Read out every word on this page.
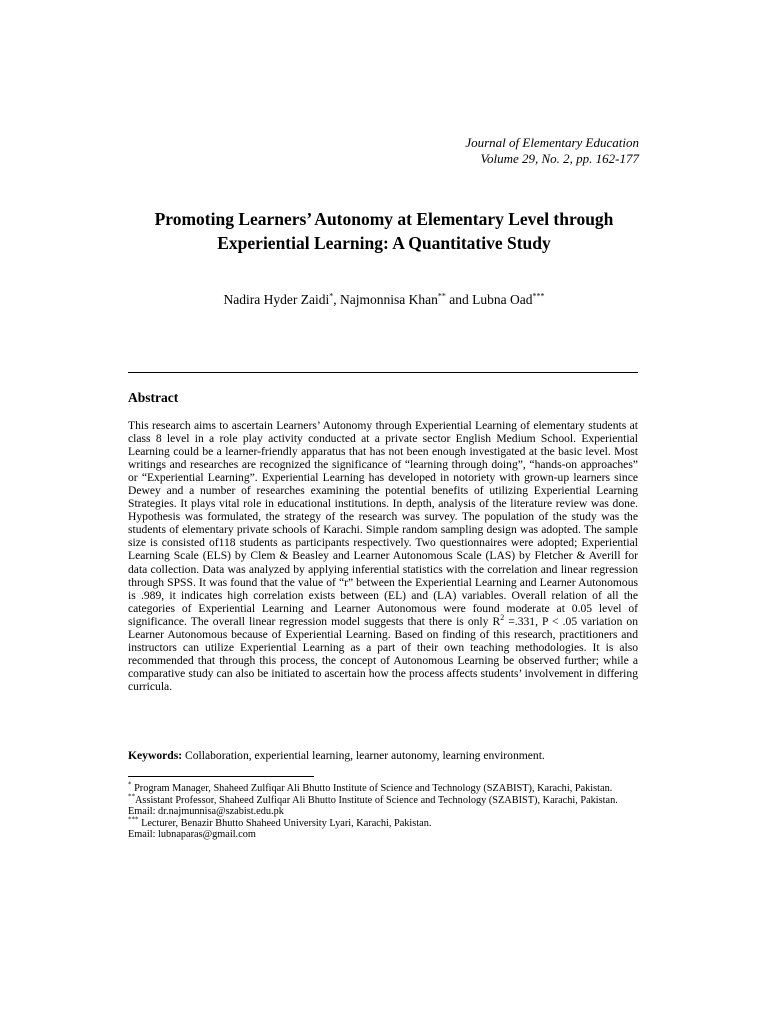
Journal of Elementary Education
Volume 29, No. 2, pp. 162-177
Promoting Learners’ Autonomy at Elementary Level through
Experiential Learning: A Quantitative Study
Nadira Hyder Zaidi*, Najmonnisa Khan** and Lubna Oad***
Abstract

This research aims to ascertain Learners’ Autonomy through Experiential Learning of elementary students at class 8 level in a role play activity conducted at a private sector English Medium School. Experiential Learning could be a learner-friendly apparatus that has not been enough investigated at the basic level. Most writings and researches are recognized the significance of “learning through doing”, “hands-on approaches” or “Experiential Learning”. Experiential Learning has developed in notoriety with grown-up learners since Dewey and a number of researches examining the potential benefits of utilizing Experiential Learning Strategies. It plays vital role in educational institutions. In depth, analysis of the literature review was done. Hypothesis was formulated, the strategy of the research was survey. The population of the study was the students of elementary private schools of Karachi. Simple random sampling design was adopted. The sample size is consisted of118 students as participants respectively. Two questionnaires were adopted; Experiential Learning Scale (ELS) by Clem & Beasley and Learner Autonomous Scale (LAS) by Fletcher & Averill for data collection. Data was analyzed by applying inferential statistics with the correlation and linear regression through SPSS. It was found that the value of “r” between the Experiential Learning and Learner Autonomous is .989, it indicates high correlation exists between (EL) and (LA) variables. Overall relation of all the categories of Experiential Learning and Learner Autonomous were found moderate at 0.05 level of significance. The overall linear regression model suggests that there is only $R^2 =.331$, P < .05 variation on Learner Autonomous because of Experiential Learning. Based on finding of this research, practitioners and instructors can utilize Experiential Learning as a part of their own teaching methodologies. It is also recommended that through this process, the concept of Autonomous Learning be observed further; while a comparative study can also be initiated to ascertain how the process affects students’ involvement in differing curricula.

Keywords: Collaboration, experiential learning, learner autonomy, learning environment.
* Program Manager, Shaheed Zulfiqar Ali Bhutto Institute of Science and Technology (SZABIST), Karachi, Pakistan.
**Assistant Professor, Shaheed Zulfiqar Ali Bhutto Institute of Science and Technology (SZABIST), Karachi, Pakistan.
Email: dr.najmunnisa@szabist.edu.pk
*** Lecturer, Benazir Bhutto Shaheed University Lyari, Karachi, Pakistan.
Email: lubnaparas@gmail.com
